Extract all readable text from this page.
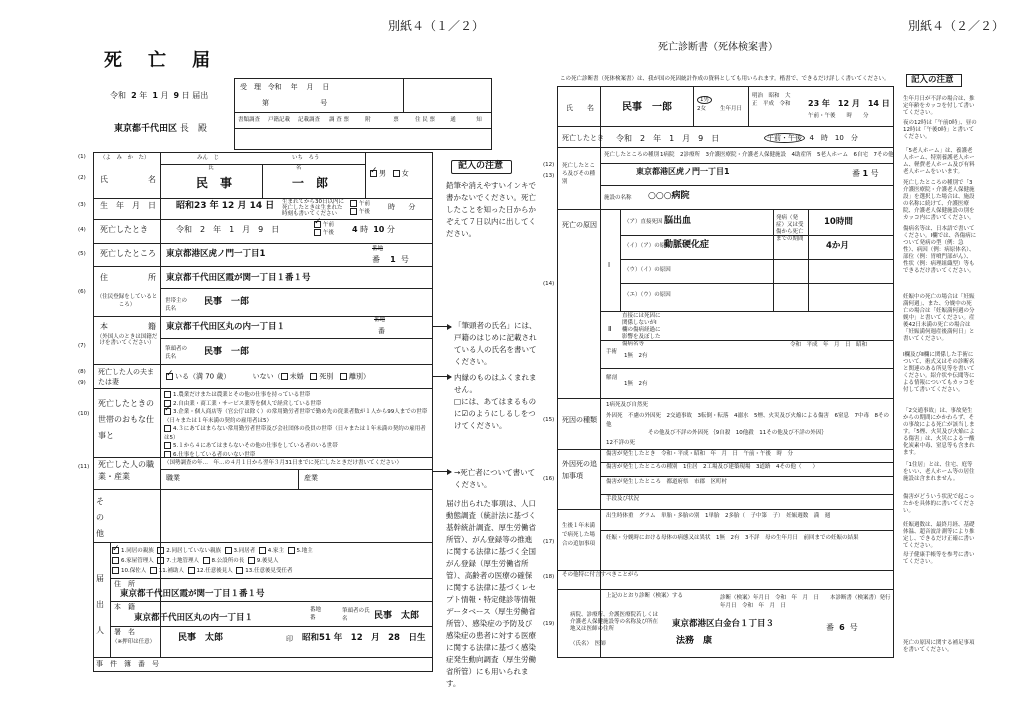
別紙４（１／２）
死　亡　届
令和 2 年 1 月 9 日 届出
東京都千代田区 長　殿
受　理 令和 年 月 日
第	号
書類調査	戸籍記載	記載調査	調 査 票	附	票	住 民 票	通	知
(1)
(2)
(3)
(4)
(5)
(6)
(7)
(8)
(9)
(10)
(11)
（よ　み　か　た）	みん　じ	いち　ろう
氏	名
氏　　　　　名	民　事	一　郎
✓男 女
生　年　月　日 昭和23 年 12 月 14 日 生まれてから30日以内に死亡したときは生まれた時刻も書いてください
午前
午後
時 分
死亡したとき	令和　2　年　1　月　9　日
✓	午前
午後 4 時 10 分
死亡したところ 東京都港区虎ノ門一丁目1	番地
番 1 号
住　　　　　所
（住民登録をしているところ）
東京都千代田区霞が関一丁目１番１号
世帯主の氏名
民事　一郎
本　　　　　籍
（外国人のときは国籍だけを書いてください）
東京都千代田区丸の内一丁目１
番地
番
筆頭者の氏名	民事　一郎
死亡した人の夫または妻
✓いる（満 70 歳）	いない（ 未婚 死別 離別）
死亡したときの世帯のおもな仕事と
1.農業だけまたは農業とその他の仕事を持っている世帯
2.自由業・商工業・サービス業等を個人で経営している世帯
✓3.企業・個人商店等（官公庁は除く）の常用勤労者世帯で勤め先の従業者数が１人から99人までの世帯（日々または１年未満の契約の雇用者は5）
4.３にあてはまらない常用勤労者世帯及び会社団体の役員の世帯（日々または１年未満の契約の雇用者は5）
5.１から４にあてはまらないその他の仕事をしている者のいる世帯
6.仕事をしている者のいない世帯
死亡した人の職業・産業
（国勢調査の年…　年…の４月１日から翌年３月31日までに死亡したときだけ書いてください）
職業	産業
そ　の　他
届　出　人
✓1.同居の親族 2.同居していない親族 3.同居者 4.家主 5.地主
6.家屋管理人 7.土地管理人 8.公設所の長 9.後見人
10.保佐人 11.補助人 12.任意後見人 13.任意後見受任者
住　所
東京都千代田区霞が関一丁目１番１号
本　籍
東京都千代田区丸の内一丁目１
番地
番
筆頭者の氏名	民事　太郎
署　名
（※押印は任意）	民事　太郎	印 昭和51 年　12　月　28　日生
事　件　簿　番　号
記入の注意
鉛筆や消えやすいインキで書かないでください。死亡したことを知った日からかぞえて７日以内に出してください。
「筆頭者の氏名」には、戸籍のはじめに記載されている人の氏名を書いてください。
内縁のものはふくまれません。
□には、あてはまるものに☑のようにしるしをつけてください。
→死亡者について書いてください。
届け出られた事項は、人口動態調査（統計法に基づく基幹統計調査、厚生労働省所管）、がん登録等の推進に関する法律に基づく全国がん登録（厚生労働省所管）、高齢者の医療の確保に関する法律に基づくレセプト情報・特定健診等情報データベース（厚生労働省所管）、感染症の予防及び感染症の患者に対する医療に関する法律に基づく感染症発生動向調査（厚生労働省所管）にも用いられます。
別紙４（２／２）
死亡診断書（死体検案書）
この死亡診断書（死体検案書）は、我が国の死因統計作成の資料としても用いられます。楷書で、できるだけ詳しく書いてください。	記入の注意
(12)
(13)
(14)
(15)
(16)
(17)
(18)
(19)
氏　　名	民事　一郎
1男
2女	生年月日
明治　昭和　大正　平成　令和 23 年　12 月　14 日
午前・午後　　時　　分
死亡したとき 令和　2　年　1　月　9　日	午前・午後 4　時　10　分
死亡したところの種別 1病院　2診療所　3介護医療院・介護老人保健施設　4助産所　5老人ホーム　6自宅　7その他
死亡したところ及びその種別
東京都港区虎ノ門一丁目1	番 1 号
施設の名称 ○○○病院
死亡の原因
Ⅰ
（ア）直接死因 脳出血
（イ）（ア）の原因
動脈硬化症
（ウ）（イ）の原因
（エ）（ウ）の原因
発病（発症）又は受傷から死亡までの期間
10時間
4か月
Ⅱ
直接には死因に関係しないがⅠ欄の傷病経過に影響を及ぼした傷病名等
手術
1無　2有
令和　平成　年　月　日　昭和
解剖
1無　2有
死因の種類
1病死及び自然死
外因死　不慮の外因死　2交通事故　3転倒・転落　4溺水　5煙、火災及び火焔による傷害　6窒息　7中毒　8その他
その他及び不詳の外因死 ｛9自殺　10他殺　11その他及び不詳の外因｝
12不詳の死
外因死の追加事項
傷害が発生したとき　令和・平成・昭和　年　月　日　午前・午後　時　分
傷害が発生したところの種別　1住居　2工場及び建築現場　3道路　4その他（　　）
傷害が発生したところ　都道府県　市郡　区町村
手段及び状況
生後１年未満で病死した場合の追加事項
出生時体重　グラム　単胎・多胎の別　1単胎　2多胎（　子中第　子）　妊娠週数　満　週
妊娠・分娩時における母体の病態又は異状　1無　2有　3不詳　母の生年月日　前回までの妊娠の結果
その他特に付言すべきことがら
上記のとおり診断（検案）する	診断（検案）年月日　令和　年　月　日　　本診断書（検案書）発行年月日　令和　年　月　日
病院、診療所、介護医療院若しくは介護老人保健施設等の名称及び所在地又は医師の住所	東京都港区白金台１丁目３	番 6 号
（氏名）　医師	法務　康
生年月日が不詳の場合は、推定年齢をカッコを付して書いてください。
夜の12時は「午前0時」、昼の12時は「午後0時」と書いてください。
「5老人ホーム」は、養護老人ホーム、特別養護老人ホーム、軽費老人ホーム及び有料老人ホームをいいます。
死亡したところの種別で「3介護医療院・介護老人保健施設」を選択した場合は、施設の名称に続けて、介護医療院、介護老人保健施設の別をカッコ内に書いてください。
傷病名等は、日本語で書いてください。Ⅰ欄では、各傷病について発病の型（例：急性）、病因（例：病原体名）、部位（例：胃噴門部がん）、性状（例：病理組織型）等もできるだけ書いてください。
妊娠中の死亡の場合は「妊娠満何週」、また、分娩中の死亡の場合は「妊娠満何週の分娩中」と書いてください。産後42日未満の死亡の場合は「妊娠満何週産後満何日」と書いてください。
Ⅰ欄及びⅡ欄に関係した手術について、術式又はその診断名と関連のある所見等を書いてください。紹介状や伝聞等による情報についてもカッコを付して書いてください。
「2交通事故」は、事故発生からの期間にかかわらず、その事故による死亡が該当します。「5煙、火災及び火焔による傷害」は、火災による一酸化炭素中毒、窒息等も含まれます。
「1住居」とは、住宅、庭等をいい、老人ホーム等の居住施設は含まれません。
傷害がどういう状況で起こったかを具体的に書いてください。
妊娠週数は、最終月経、基礎体温、超音波計測等により推定し、できるだけ正確に書いてください。
母子健康手帳等を参考に書いてください。
死亡の原因に関する補足事項を書いてください。
